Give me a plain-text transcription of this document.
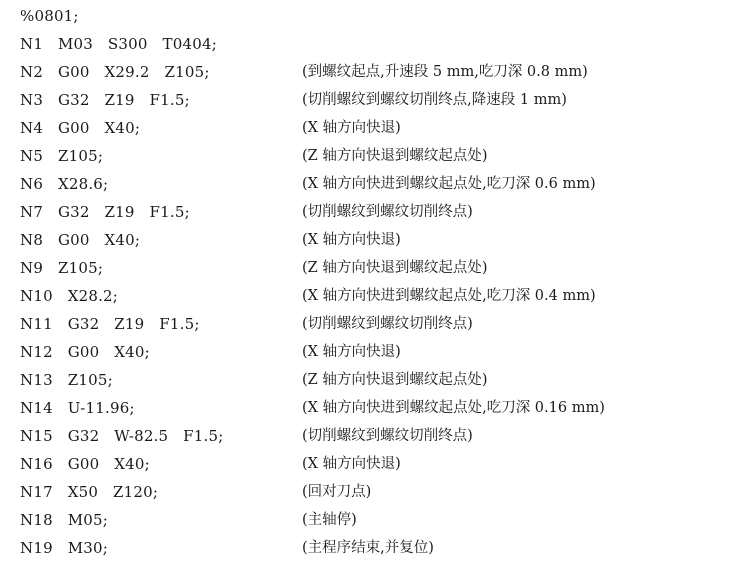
%0801;

N1   M03   S300   T0404;
N2   G00   X29.2   Z105;	(到螺纹起点,升速段 5 mm,吃刀深 0.8 mm)
N3   G32   Z19   F1.5;	(切削螺纹到螺纹切削终点,降速段 1 mm)
N4   G00   X40;	(X 轴方向快退)
N5   Z105;	(Z 轴方向快退到螺纹起点处)
N6   X28.6;	(X 轴方向快进到螺纹起点处,吃刀深 0.6 mm)
N7   G32   Z19   F1.5;	(切削螺纹到螺纹切削终点)
N8   G00   X40;	(X 轴方向快退)
N9   Z105;	(Z 轴方向快退到螺纹起点处)
N10   X28.2;	(X 轴方向快进到螺纹起点处,吃刀深 0.4 mm)
N11   G32   Z19   F1.5;	(切削螺纹到螺纹切削终点)
N12   G00   X40;	(X 轴方向快退)
N13   Z105;	(Z 轴方向快退到螺纹起点处)
N14   U-11.96;	(X 轴方向快进到螺纹起点处,吃刀深 0.16 mm)
N15   G32   W-82.5   F1.5;	(切削螺纹到螺纹切削终点)
N16   G00   X40;	(X 轴方向快退)
N17   X50   Z120;	(回对刀点)
N18   M05;	(主轴停)
N19   M30;	(主程序结束,并复位)
